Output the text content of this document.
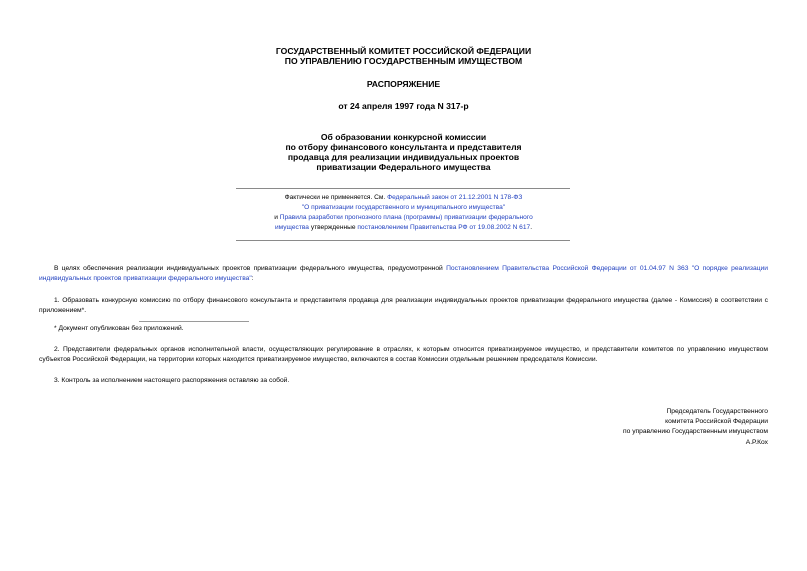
ГОСУДАРСТВЕННЫЙ КОМИТЕТ РОССИЙСКОЙ ФЕДЕРАЦИИ
ПО УПРАВЛЕНИЮ ГОСУДАРСТВЕННЫМ ИМУЩЕСТВОМ
РАСПОРЯЖЕНИЕ
от 24 апреля 1997 года N 317-р
Об образовании конкурсной комиссии
по отбору финансового консультанта и представителя
продавца для реализации индивидуальных проектов
приватизации Федерального имущества
Фактически не применяется. См. Федеральный закон от 21.12.2001 N 178-ФЗ
"О приватизации государственного и муниципального имущества"
и Правила разработки прогнозного плана (программы) приватизации федерального
имущества утвержденные постановлением Правительства РФ от 19.08.2002 N 617.
В целях обеспечения реализации индивидуальных проектов приватизации федерального имущества, предусмотренной Постановлением Правительства Российской Федерации от 01.04.97 N 363 "О порядке реализации индивидуальных проектов приватизации федерального имущества":
1. Образовать конкурсную комиссию по отбору финансового консультанта и представителя продавца для реализации индивидуальных проектов приватизации федерального имущества (далее - Комиссия) в соответствии с приложением*.
* Документ опубликован без приложений.
2. Представители федеральных органов исполнительной власти, осуществляющих регулирование в отраслях, к которым относится приватизируемое имущество, и представители комитетов по управлению имуществом субъектов Российской Федерации, на территории которых находится приватизируемое имущество, включаются в состав Комиссии отдельным решением председателя Комиссии.
3. Контроль за исполнением настоящего распоряжения оставляю за собой.
Председатель Государственного
комитета Российской Федерации
по управлению Государственным имуществом
А.Р.Кох
